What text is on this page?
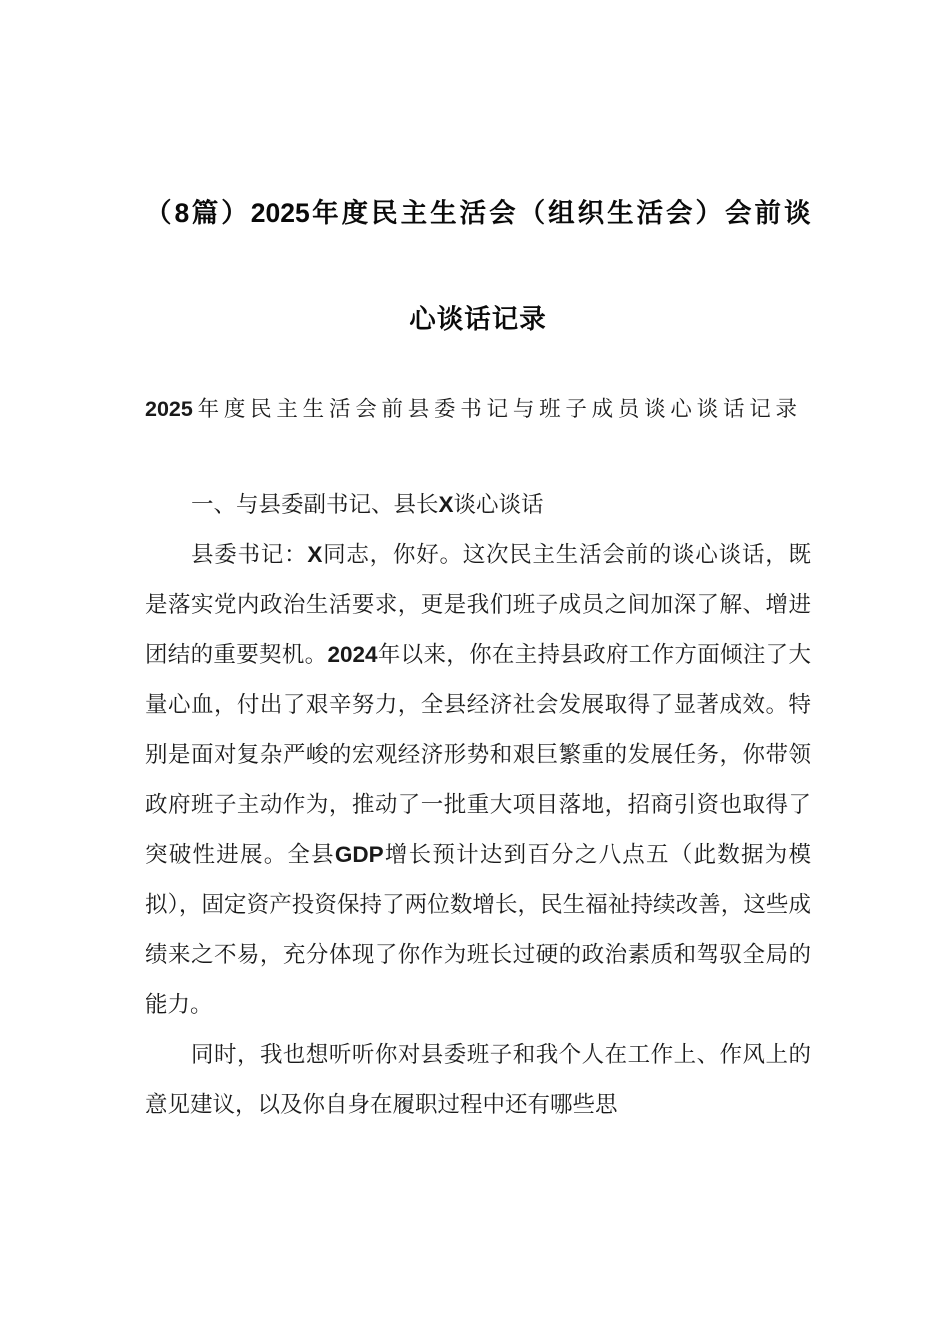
（8篇）2025年度民主生活会（组织生活会）会前谈
心谈话记录
2025年度民主生活会前县委书记与班子成员谈心谈话记录

一、与县委副书记、县长X谈心谈话

县委书记：X同志，你好。这次民主生活会前的谈心谈话，既是落实党内政治生活要求，更是我们班子成员之间加深了解、增进团结的重要契机。2024年以来，你在主持县政府工作方面倾注了大量心血，付出了艰辛努力，全县经济社会发展取得了显著成效。特别是面对复杂严峻的宏观经济形势和艰巨繁重的发展任务，你带领政府班子主动作为，推动了一批重大项目落地，招商引资也取得了突破性进展。全县GDP增长预计达到百分之八点五（此数据为模拟），固定资产投资保持了两位数增长，民生福祉持续改善，这些成绩来之不易，充分体现了你作为班长过硬的政治素质和驾驭全局的能力。

同时，我也想听听你对县委班子和我个人在工作上、作风上的意见建议，以及你自身在履职过程中还有哪些思
